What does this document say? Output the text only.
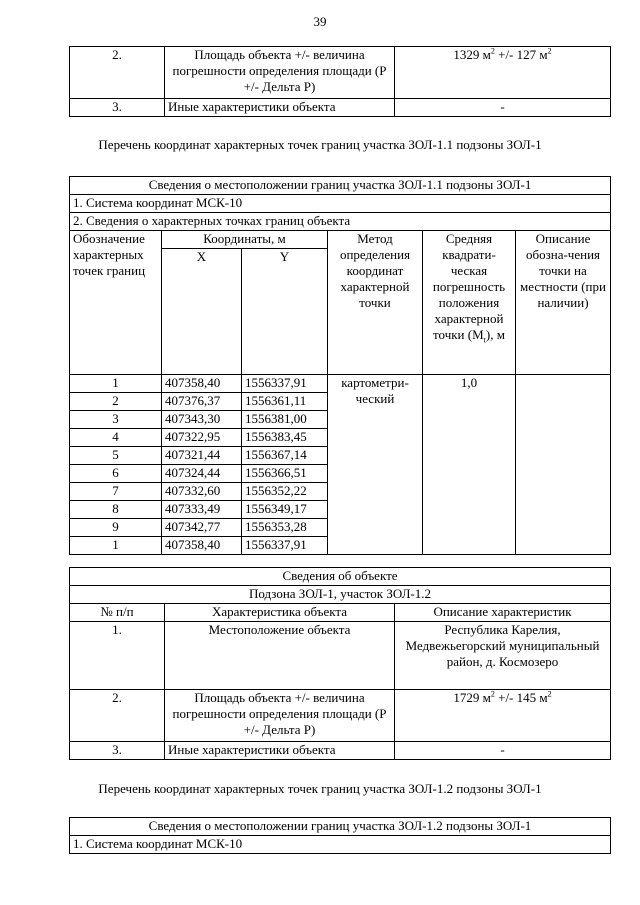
39
2.	Площадь объекта +/- величина погрешности определения площади (Р +/- Дельта Р)	1329 $м^2$ +/- 127 $м^2$
3.	Иные характеристики объекта	-
Перечень координат характерных точек границ участка ЗОЛ-1.1 подзоны ЗОЛ-1
Сведения о местоположении границ участка ЗОЛ-1.1 подзоны ЗОЛ-1					
1. Система координат МСК-10					
2. Сведения о характерных точках границ объекта					
Обозначение характерных точек границ	Координаты, м		Метод определения координат характерной точки	Средняя квадрати-ческая погрешность положения характерной точки $(M_t)$, м	Описание обозна-чения точки на местности (при наличии)
	X	Y			
1	407358,40	1556337,91	картометри-ческий	1,0	
2	407376,37	1556361,11			
3	407343,30	1556381,00			
4	407322,95	1556383,45			
5	407321,44	1556367,14			
6	407324,44	1556366,51			
7	407332,60	1556352,22			
8	407333,49	1556349,17			
9	407342,77	1556353,28			
1	407358,40	1556337,91			
Сведения об объекте		
Подзона ЗОЛ-1, участок ЗОЛ-1.2		
№ п/п	Характеристика объекта	Описание характеристик
1.	Местоположение объекта	Республика Карелия, Медвежьегорский муниципальный район, д. Космозеро
2.	Площадь объекта +/- величина погрешности определения площади (Р +/- Дельта Р)	1729 $м^2$ +/- 145 $м^2$
3.	Иные характеристики объекта	-
Перечень координат характерных точек границ участка ЗОЛ-1.2 подзоны ЗОЛ-1
Сведения о местоположении границ участка ЗОЛ-1.2 подзоны ЗОЛ-1
1. Система координат МСК-10
